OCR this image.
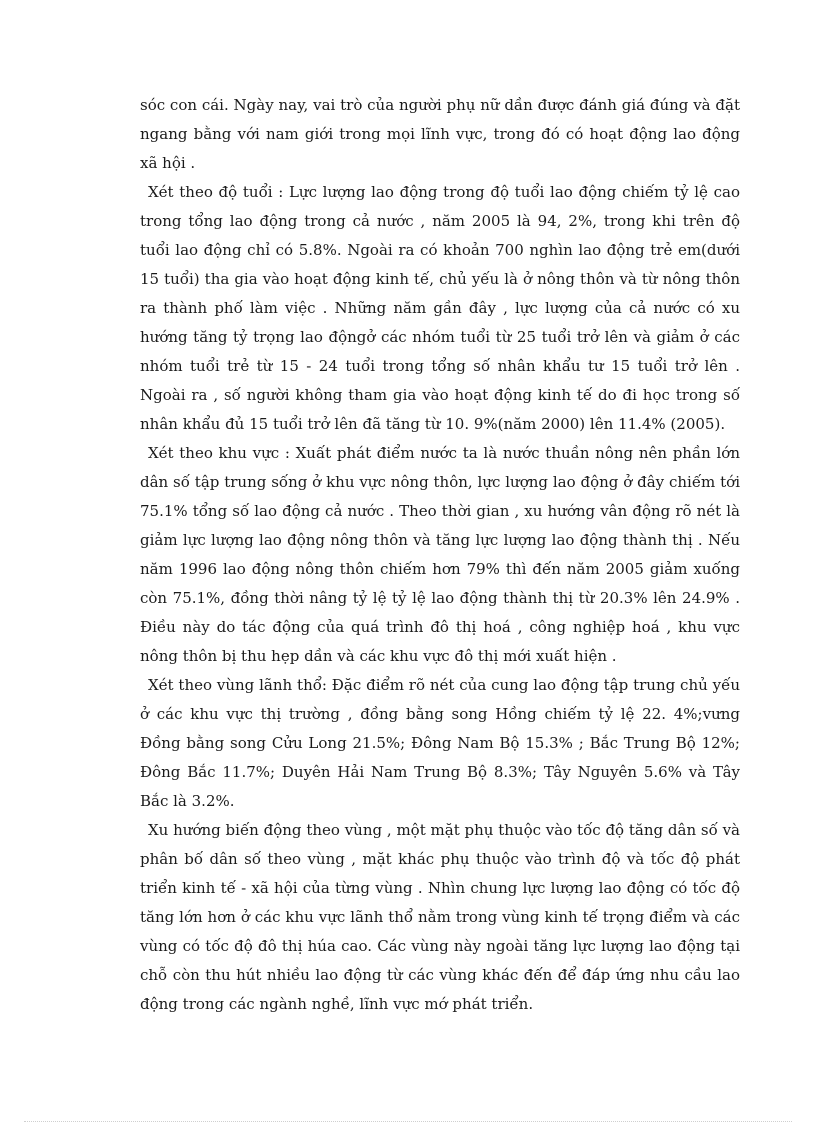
sóc con cái. Ngày nay, vai trò của người phụ nữ dần được đánh giá đúng và đặt ngang bằng với nam giới trong mọi lĩnh vực, trong đó có hoạt động lao động xã hội .

Xét theo độ tuổi : Lực lượng lao động trong độ tuổi lao động chiếm tỷ lệ cao trong tổng lao động trong cả nước , năm 2005 là 94, 2%, trong khi trên độ tuổi lao động chỉ có 5.8%. Ngoài ra có khoản 700 nghìn lao động trẻ em(dưới 15 tuổi) tha gia vào hoạt động kinh tế, chủ yếu là ở nông thôn và từ nông thôn ra thành phố làm việc . Những năm gần đây , lực lượng của cả nước có xu hướng tăng tỷ trọng lao độngở các nhóm tuổi từ 25 tuổi trở lên và giảm ở các nhóm tuổi trẻ từ 15 - 24 tuổi trong tổng số nhân khẩu tư 15 tuổi trở lên . Ngoài ra , số người không tham gia vào hoạt động kinh tế do đi học trong số nhân khẩu đủ 15 tuổi trở lên đã tăng từ 10. 9%(năm 2000) lên 11.4% (2005).

Xét theo khu vực : Xuất phát điểm nước ta là nước thuần nông nên phần lớn dân số tập trung sống ở khu vực nông thôn, lực lượng lao động ở đây chiếm tới 75.1% tổng số lao động cả nước . Theo thời gian , xu hướng vân động rõ nét là giảm lực lượng lao động nông thôn và tăng lực lượng lao động thành thị . Nếu năm 1996 lao động nông thôn chiếm hơn 79% thì đến năm 2005 giảm xuống còn 75.1%, đồng thời nâng tỷ lệ tỷ lệ lao động thành thị từ 20.3% lên 24.9% . Điều này do tác động của quá trình đô thị hoá , công nghiệp hoá , khu vực nông thôn bị thu hẹp dần và các khu vực đô thị mới xuất hiện .

Xét theo vùng lãnh thổ: Đặc điểm rõ nét của cung lao động tập trung chủ yếu ở các khu vực thị trường , đồng bằng song Hồng chiếm tỷ lệ 22. 4%;vưng Đồng bằng song Cửu Long 21.5%; Đông Nam Bộ 15.3% ; Bắc Trung Bộ 12%; Đông Bắc 11.7%; Duyên Hải Nam Trung Bộ 8.3%; Tây Nguyên 5.6% và Tây Bắc là 3.2%.

Xu hướng biến động theo vùng , một mặt phụ thuộc vào tốc độ tăng dân số và phân bố dân số theo vùng , mặt khác phụ thuộc vào trình độ và tốc độ phát triển kinh tế - xã hội của từng vùng . Nhìn chung lực lượng lao động có tốc độ tăng lớn hơn ở các khu vực lãnh thổ nằm trong vùng kinh tế trọng điểm và các vùng có tốc độ đô thị húa cao. Các vùng này ngoài tăng lực lượng lao động tại chỗ còn thu hút nhiều lao động từ các vùng khác đến để đáp ứng nhu cầu lao động trong các ngành nghề, lĩnh vực mớ phát triển.
